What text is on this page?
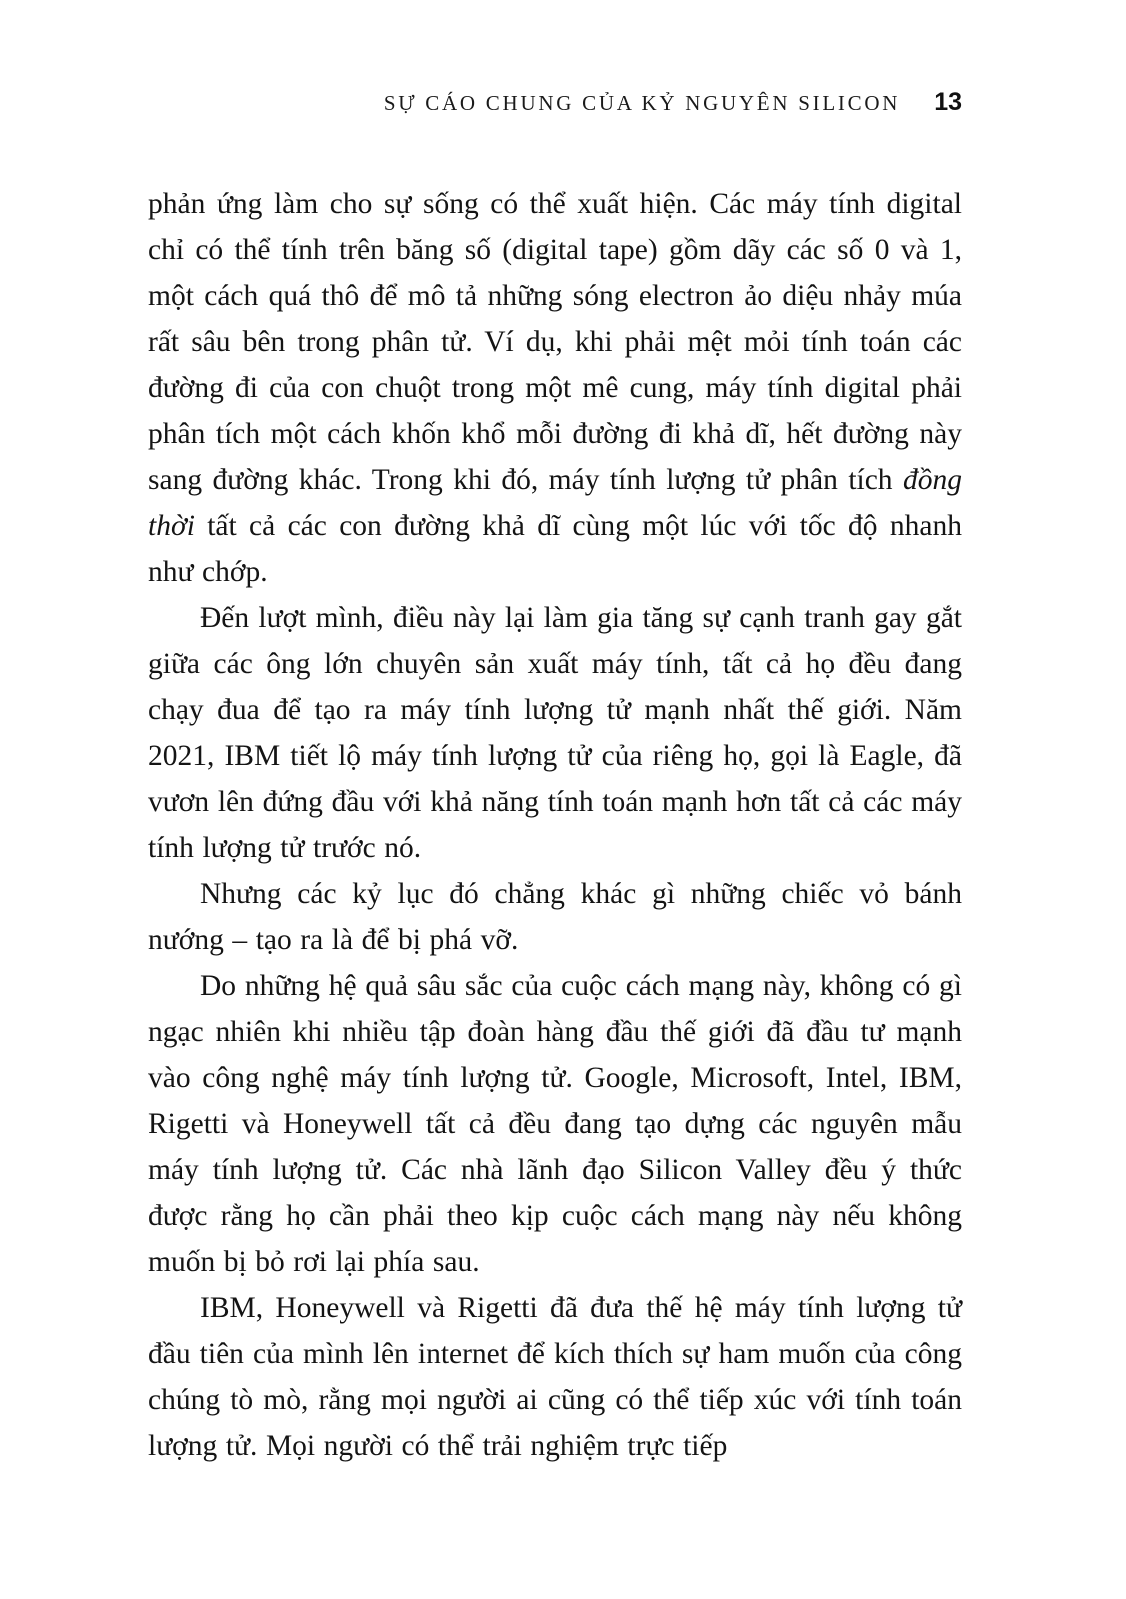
SỰ CÁO CHUNG CỦA KỶ NGUYÊN SILICON 13

phản ứng làm cho sự sống có thể xuất hiện. Các máy tính digital chỉ có thể tính trên băng số (digital tape) gồm dãy các số 0 và 1, một cách quá thô để mô tả những sóng electron ảo diệu nhảy múa rất sâu bên trong phân tử. Ví dụ, khi phải mệt mỏi tính toán các đường đi của con chuột trong một mê cung, máy tính digital phải phân tích một cách khốn khổ mỗi đường đi khả dĩ, hết đường này sang đường khác. Trong khi đó, máy tính lượng tử phân tích đồng thời tất cả các con đường khả dĩ cùng một lúc với tốc độ nhanh như chớp.

Đến lượt mình, điều này lại làm gia tăng sự cạnh tranh gay gắt giữa các ông lớn chuyên sản xuất máy tính, tất cả họ đều đang chạy đua để tạo ra máy tính lượng tử mạnh nhất thế giới. Năm 2021, IBM tiết lộ máy tính lượng tử của riêng họ, gọi là Eagle, đã vươn lên đứng đầu với khả năng tính toán mạnh hơn tất cả các máy tính lượng tử trước nó.

Nhưng các kỷ lục đó chẳng khác gì những chiếc vỏ bánh nướng – tạo ra là để bị phá vỡ.

Do những hệ quả sâu sắc của cuộc cách mạng này, không có gì ngạc nhiên khi nhiều tập đoàn hàng đầu thế giới đã đầu tư mạnh vào công nghệ máy tính lượng tử. Google, Microsoft, Intel, IBM, Rigetti và Honeywell tất cả đều đang tạo dựng các nguyên mẫu máy tính lượng tử. Các nhà lãnh đạo Silicon Valley đều ý thức được rằng họ cần phải theo kịp cuộc cách mạng này nếu không muốn bị bỏ rơi lại phía sau.

IBM, Honeywell và Rigetti đã đưa thế hệ máy tính lượng tử đầu tiên của mình lên internet để kích thích sự ham muốn của công chúng tò mò, rằng mọi người ai cũng có thể tiếp xúc với tính toán lượng tử. Mọi người có thể trải nghiệm trực tiếp
